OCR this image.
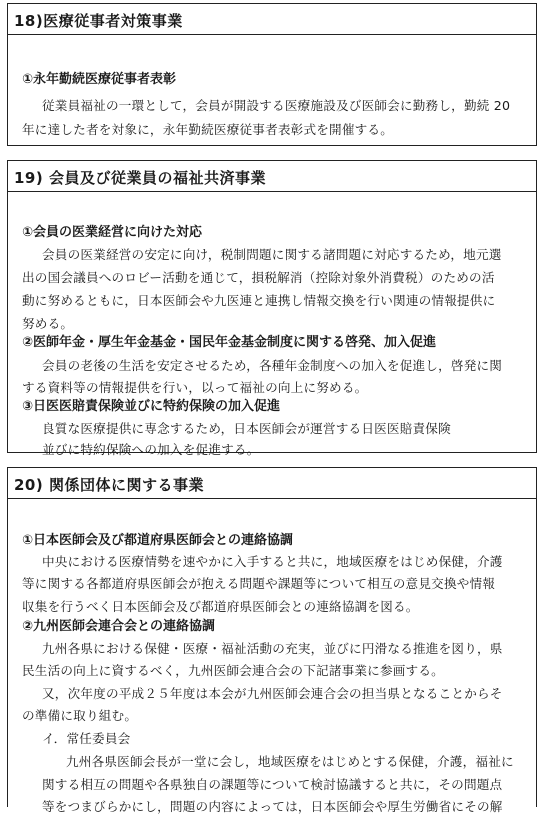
18)医療従事者対策事業
①永年勤続医療従事者表彰
従業員福祉の一環として，会員が開設する医療施設及び医師会に勤務し，勤続 20
年に達した者を対象に，永年勤続医療従事者表彰式を開催する。
19) 会員及び従業員の福祉共済事業
①会員の医業経営に向けた対応
会員の医業経営の安定に向け，税制問題に関する諸問題に対応するため，地元選
出の国会議員へのロビー活動を通じて，損税解消（控除対象外消費税）のための活
動に努めるともに，日本医師会や九医連と連携し情報交換を行い関連の情報提供に
努める。
②医師年金・厚生年金基金・国民年金基金制度に関する啓発、加入促進
会員の老後の生活を安定させるため，各種年金制度への加入を促進し，啓発に関
する資料等の情報提供を行い，以って福祉の向上に努める。
③日医医賠責保険並びに特約保険の加入促進
良質な医療提供に専念するため，日本医師会が運営する日医医賠責保険
並びに特約保険への加入を促進する。
20) 関係団体に関する事業
①日本医師会及び都道府県医師会との連絡協調
中央における医療情勢を速やかに入手すると共に，地域医療をはじめ保健，介護
等に関する各都道府県医師会が抱える問題や課題等について相互の意見交換や情報
収集を行うべく日本医師会及び都道府県医師会との連絡協調を図る。
②九州医師会連合会との連絡協調
九州各県における保健・医療・福祉活動の充実，並びに円滑なる推進を図り，県
民生活の向上に資するべく，九州医師会連合会の下記諸事業に参画する。
又，次年度の平成２５年度は本会が九州医師会連合会の担当県となることからそ
の準備に取り組む。
イ．常任委員会
九州各県医師会長が一堂に会し，地域医療をはじめとする保健，介護，福祉に
関する相互の問題や各県独自の課題等について検討協議すると共に，その問題点
等をつまびらかにし，問題の内容によっては，日本医師会や厚生労働省にその解
